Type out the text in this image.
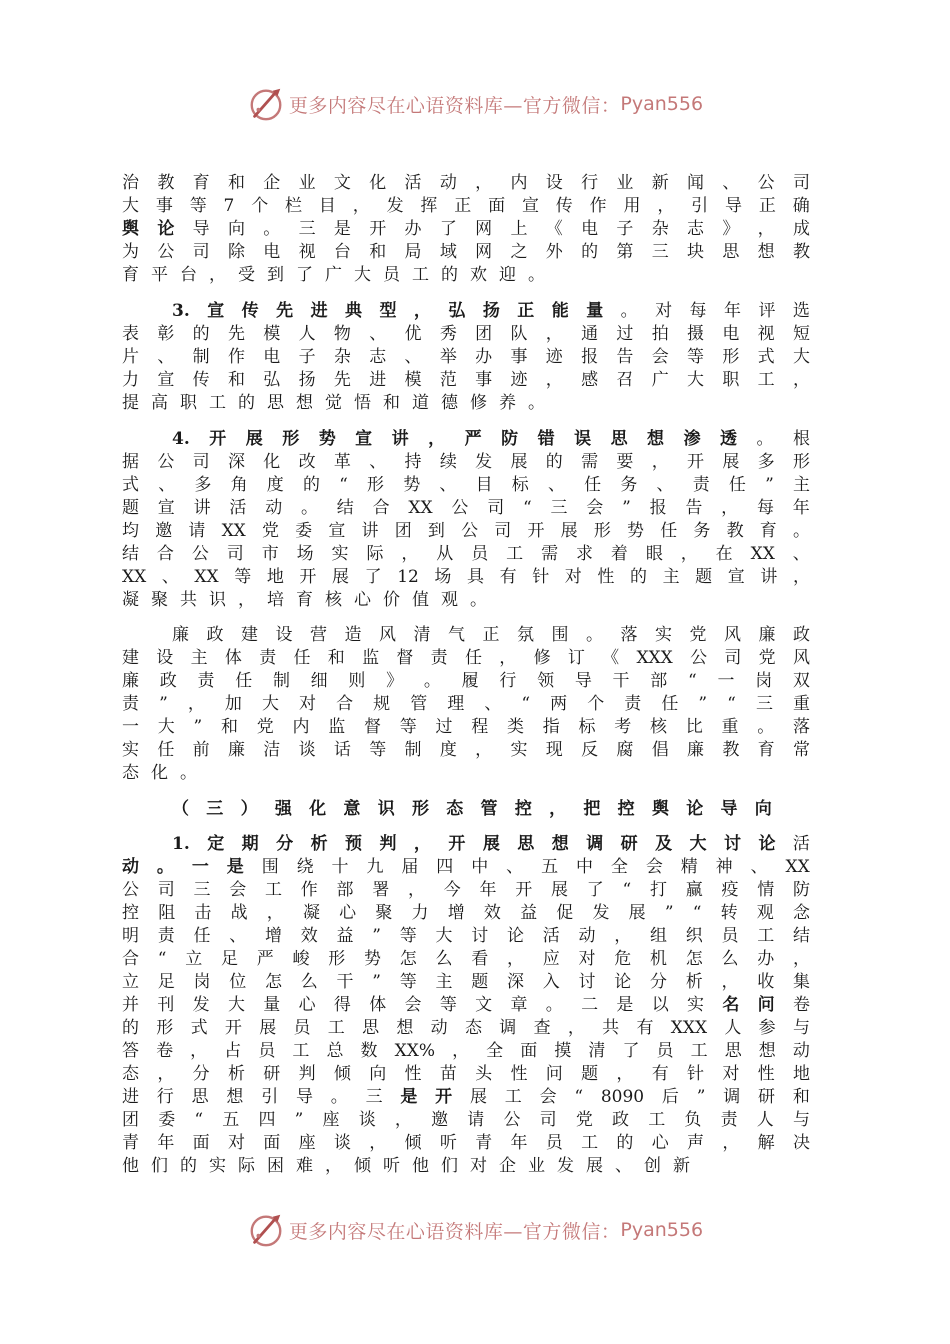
更多内容尽在心语资料库—官方微信： Pyan556
治 教 育 和 企 业 文 化 活 动 ， 内 设 行 业 新 闻 、 公 司
大 事 等 7 个 栏 目 ， 发 挥 正 面 宣 传 作 用 ， 引 导 正 确
舆 论 导 向 。 三 是 开 办 了 网 上 《 电 子 杂 志 》 ， 成
为 公 司 除 电 视 台 和 局 域 网 之 外 的 第 三 块 思 想 教
育 平 台 ， 受 到 了 广 大 员 工 的 欢 迎 。
3. 宣 传 先 进 典 型 ， 弘 扬 正 能 量 。 对 每 年 评 选
表 彰 的 先 模 人 物 、 优 秀 团 队 ， 通 过 拍 摄 电 视 短
片 、 制 作 电 子 杂 志 、 举 办 事 迹 报 告 会 等 形 式 大
力 宣 传 和 弘 扬 先 进 模 范 事 迹 ， 感 召 广 大 职 工 ，
提 高 职 工 的 思 想 觉 悟 和 道 德 修 养 。
4. 开 展 形 势 宣 讲 ， 严 防 错 误 思 想 渗 透 。 根
据 公 司 深 化 改 革 、 持 续 发 展 的 需 要 ， 开 展 多 形
式 、 多 角 度 的 “ 形 势 、 目 标 、 任 务 、 责 任 ” 主
题 宣 讲 活 动 。 结 合 XX 公 司 “ 三 会 ” 报 告 ， 每 年
均 邀 请 XX 党 委 宣 讲 团 到 公 司 开 展 形 势 任 务 教 育 。
结 合 公 司 市 场 实 际 ， 从 员 工 需 求 着 眼 ， 在 XX 、
XX 、 XX 等 地 开 展 了 12 场 具 有 针 对 性 的 主 题 宣 讲 ，
凝 聚 共 识 ， 培 育 核 心 价 值 观 。
廉 政 建 设 营 造 风 清 气 正 氛 围 。 落 实 党 风 廉 政
建 设 主 体 责 任 和 监 督 责 任 ， 修 订 《 XXX 公 司 党 风
廉 政 责 任 制 细 则 》 。 履 行 领 导 干 部 “ 一 岗 双
责 ” ， 加 大 对 合 规 管 理 、 “ 两 个 责 任 ” “ 三 重
一 大 ” 和 党 内 监 督 等 过 程 类 指 标 考 核 比 重 。 落
实 任 前 廉 洁 谈 话 等 制 度 ， 实 现 反 腐 倡 廉 教 育 常
态 化 。
（ 三 ） 强 化 意 识 形 态 管 控 ， 把 控 舆 论 导 向
1. 定 期 分 析 预 判 ， 开 展 思 想 调 研 及 大 讨 论 活
动 。 一 是 围 绕 十 九 届 四 中 、 五 中 全 会 精 神 、 XX
公 司 三 会 工 作 部 署 ， 今 年 开 展 了 “ 打 赢 疫 情 防
控 阻 击 战 ， 凝 心 聚 力 增 效 益 促 发 展 ” “ 转 观 念
明 责 任 、 增 效 益 ” 等 大 讨 论 活 动 ， 组 织 员 工 结
合 “ 立 足 严 峻 形 势 怎 么 看 ， 应 对 危 机 怎 么 办 ，
立 足 岗 位 怎 么 干 ” 等 主 题 深 入 讨 论 分 析 ， 收 集
并 刊 发 大 量 心 得 体 会 等 文 章 。 二 是 以 实 名 问 卷
的 形 式 开 展 员 工 思 想 动 态 调 查 ， 共 有 XXX 人 参 与
答 卷 ， 占 员 工 总 数 XX% ， 全 面 摸 清 了 员 工 思 想 动
态 ， 分 析 研 判 倾 向 性 苗 头 性 问 题 ， 有 针 对 性 地
进 行 思 想 引 导 。 三 是 开 展 工 会 “ 8090 后 ” 调 研 和
团 委 “ 五 四 ” 座 谈 ， 邀 请 公 司 党 政 工 负 责 人 与
青 年 面 对 面 座 谈 ， 倾 听 青 年 员 工 的 心 声 ， 解 决
他 们 的 实 际 困 难 ， 倾 听 他 们 对 企 业 发 展 、 创 新
更多内容尽在心语资料库—官方微信： Pyan556
